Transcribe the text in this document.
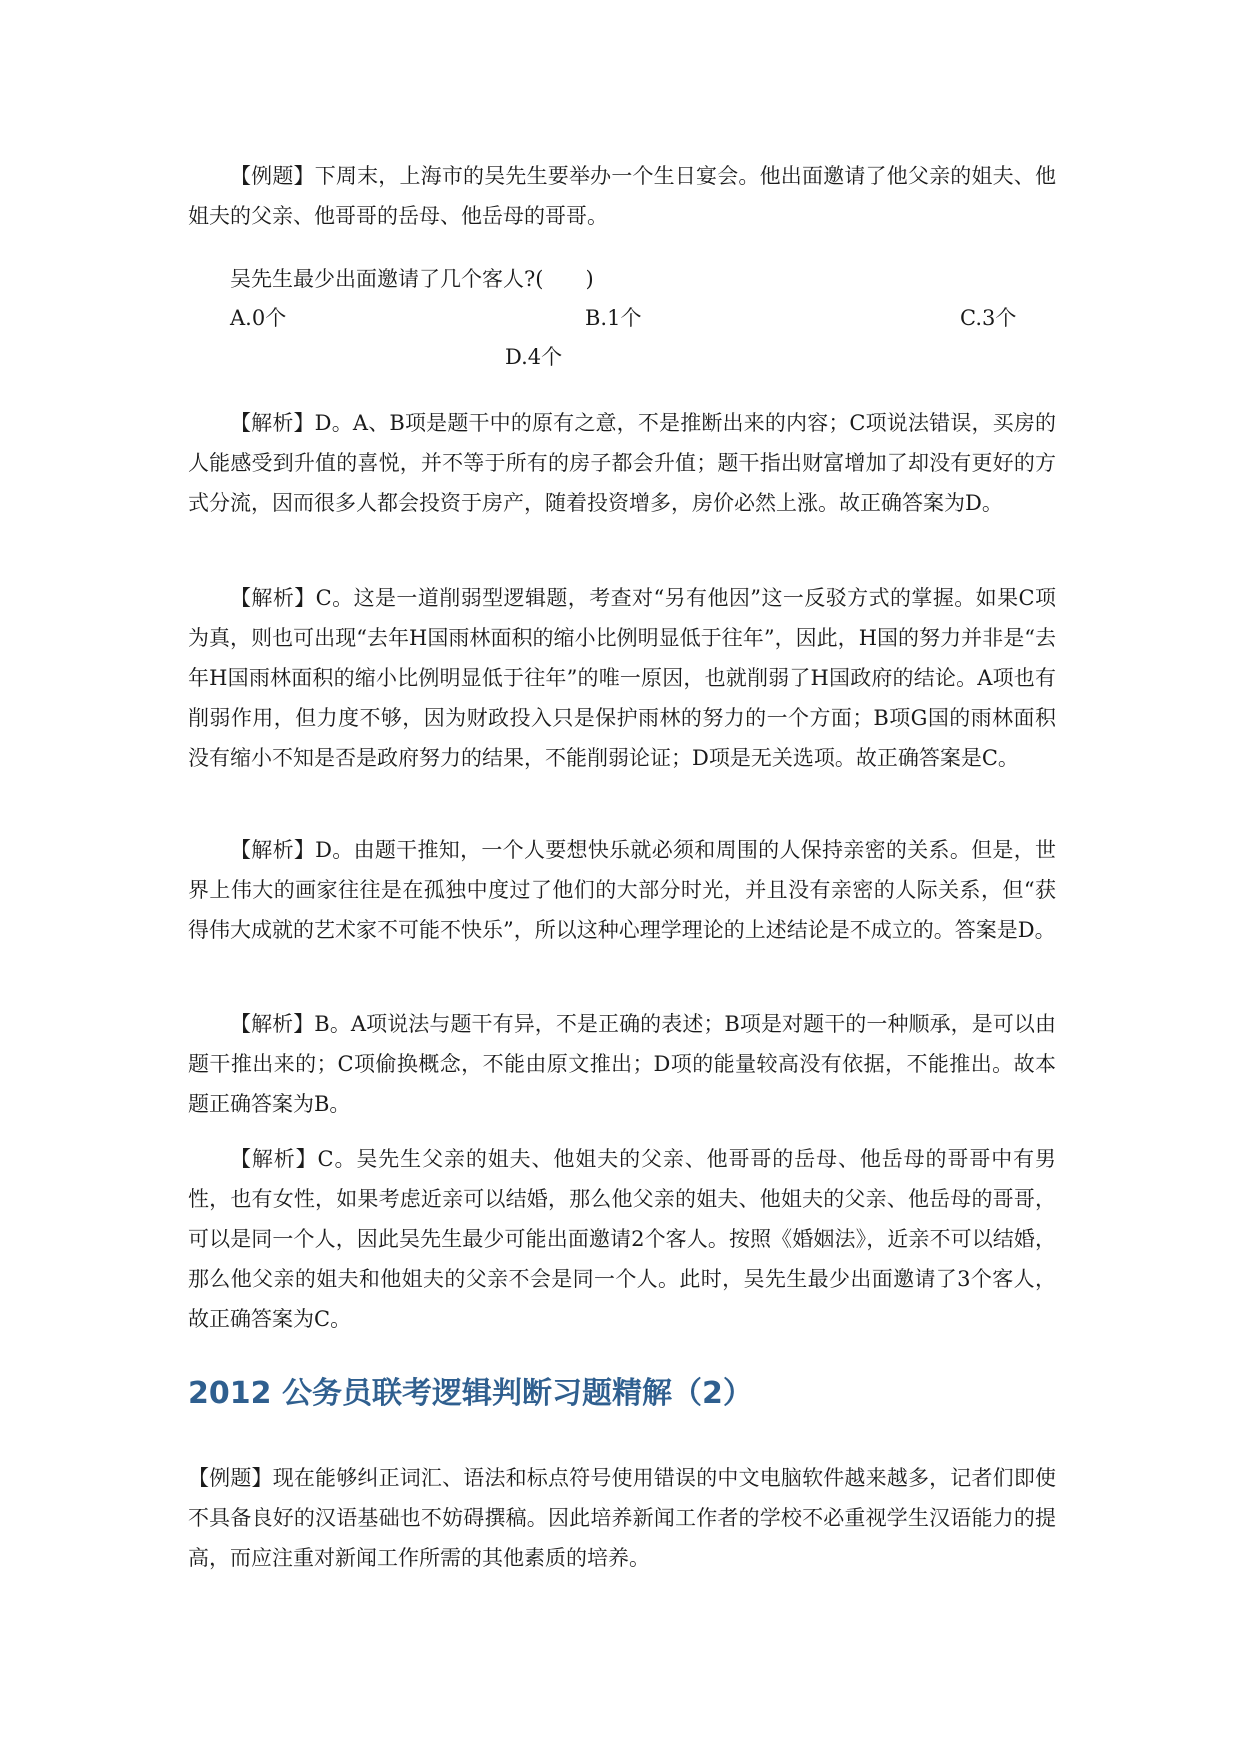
【例题】下周末，上海市的吴先生要举办一个生日宴会。他出面邀请了他父亲的姐夫、他姐夫的父亲、他哥哥的岳母、他岳母的哥哥。

吴先生最少出面邀请了几个客人?(　　)

A.0个	B.1个	C.3个

D.4个

【解析】D。A、B项是题干中的原有之意，不是推断出来的内容；C项说法错误，买房的人能感受到升值的喜悦，并不等于所有的房子都会升值；题干指出财富增加了却没有更好的方式分流，因而很多人都会投资于房产，随着投资增多，房价必然上涨。故正确答案为D。

【解析】C。这是一道削弱型逻辑题，考查对“另有他因”这一反驳方式的掌握。如果C项为真，则也可出现“去年H国雨林面积的缩小比例明显低于往年”，因此，H国的努力并非是“去年H国雨林面积的缩小比例明显低于往年”的唯一原因，也就削弱了H国政府的结论。A项也有削弱作用，但力度不够，因为财政投入只是保护雨林的努力的一个方面；B项G国的雨林面积没有缩小不知是否是政府努力的结果，不能削弱论证；D项是无关选项。故正确答案是C。

【解析】D。由题干推知，一个人要想快乐就必须和周围的人保持亲密的关系。但是，世界上伟大的画家往往是在孤独中度过了他们的大部分时光，并且没有亲密的人际关系，但“获得伟大成就的艺术家不可能不快乐”，所以这种心理学理论的上述结论是不成立的。答案是D。

【解析】B。A项说法与题干有异，不是正确的表述；B项是对题干的一种顺承，是可以由题干推出来的；C项偷换概念，不能由原文推出；D项的能量较高没有依据，不能推出。故本题正确答案为B。

【解析】C。吴先生父亲的姐夫、他姐夫的父亲、他哥哥的岳母、他岳母的哥哥中有男性，也有女性，如果考虑近亲可以结婚，那么他父亲的姐夫、他姐夫的父亲、他岳母的哥哥，可以是同一个人，因此吴先生最少可能出面邀请2个客人。按照《婚姻法》，近亲不可以结婚，那么他父亲的姐夫和他姐夫的父亲不会是同一个人。此时，吴先生最少出面邀请了3个客人，故正确答案为C。

2012 公务员联考逻辑判断习题精解（2）

【例题】现在能够纠正词汇、语法和标点符号使用错误的中文电脑软件越来越多，记者们即使不具备良好的汉语基础也不妨碍撰稿。因此培养新闻工作者的学校不必重视学生汉语能力的提高，而应注重对新闻工作所需的其他素质的培养。
